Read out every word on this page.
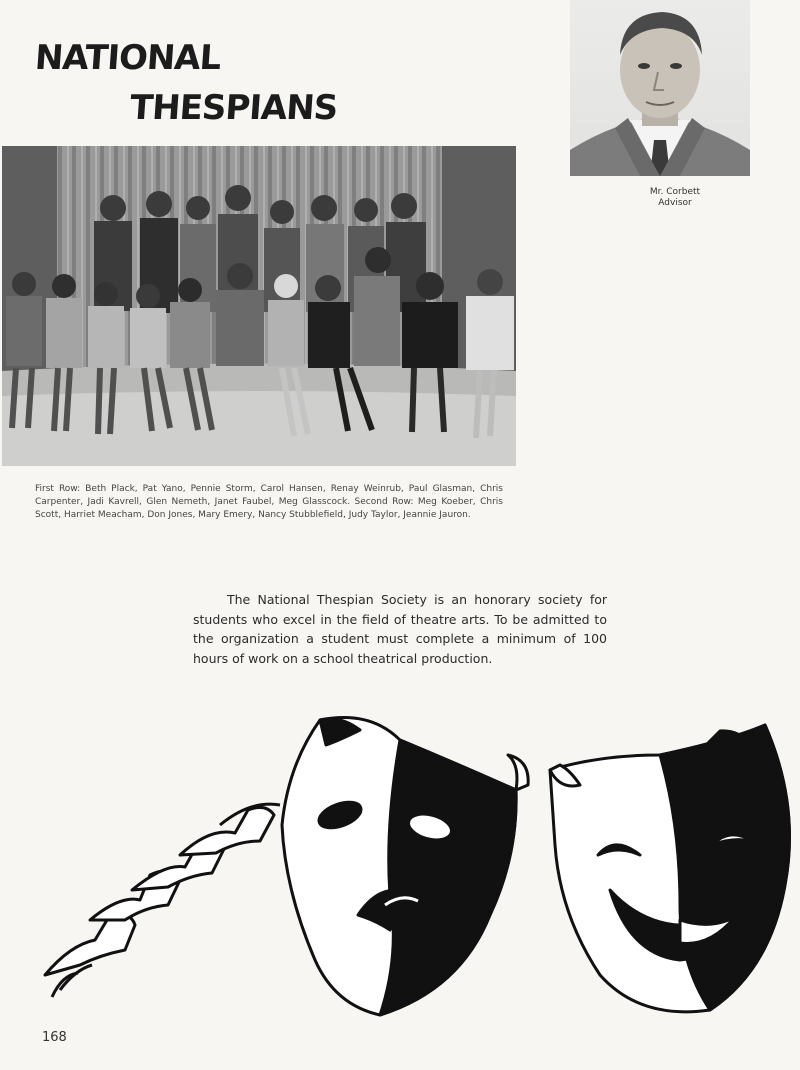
NATIONAL
THESPIANS
Mr. Corbett
Advisor

First Row: Beth Plack, Pat Yano, Pennie Storm, Carol Hansen, Renay Weinrub, Paul Glasman, Chris Carpenter, Jadi Kavrell, Glen Nemeth, Janet Faubel, Meg Glasscock. Second Row: Meg Koeber, Chris Scott, Harriet Meacham, Don Jones, Mary Emery, Nancy Stubblefield, Judy Taylor, Jeannie Jauron.

The National Thespian Society is an honorary society for students who excel in the field of theatre arts. To be admitted to the organization a student must complete a minimum of 100 hours of work on a school theatrical production.

168
